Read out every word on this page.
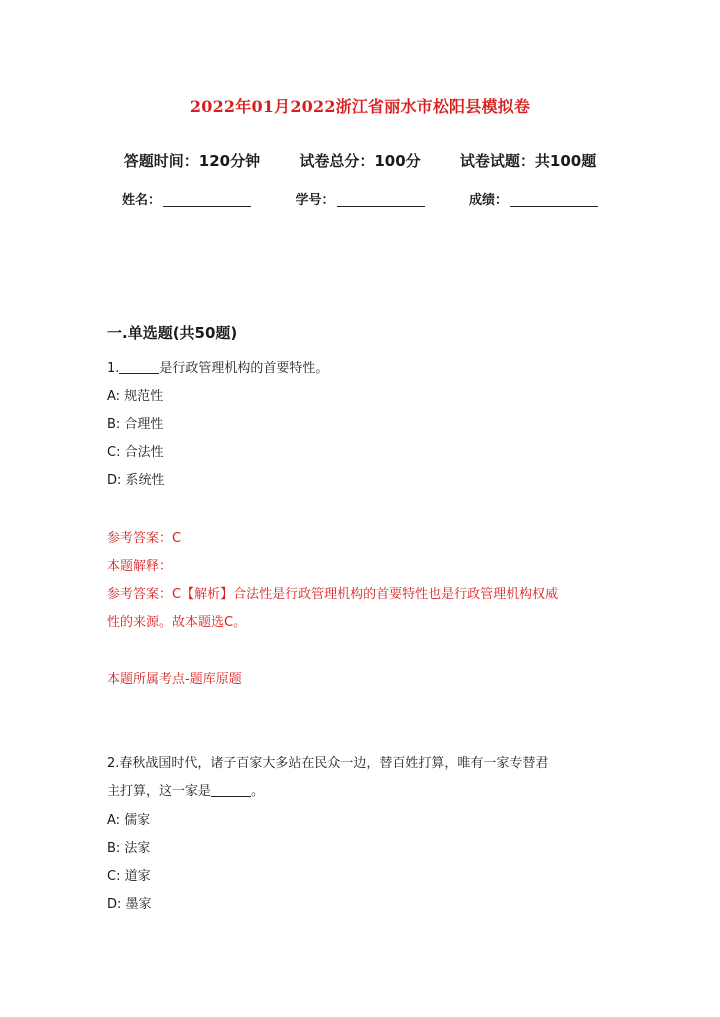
2022年01月2022浙江省丽水市松阳县模拟卷
答题时间：120分钟	试卷总分：100分	试卷试题：共100题
姓名：	学号：	成绩：
一.单选题(共50题)
1.	是行政管理机构的首要特性。
A: 规范性
B: 合理性
C: 合法性
D: 系统性
参考答案：C
本题解释：
参考答案：C【解析】合法性是行政管理机构的首要特性也是行政管理机构权威
性的来源。故本题选C。
本题所属考点-题库原题
2.春秋战国时代，诸子百家大多站在民众一边，替百姓打算，唯有一家专替君
主打算，这一家是	。
A: 儒家
B: 法家
C: 道家
D: 墨家
